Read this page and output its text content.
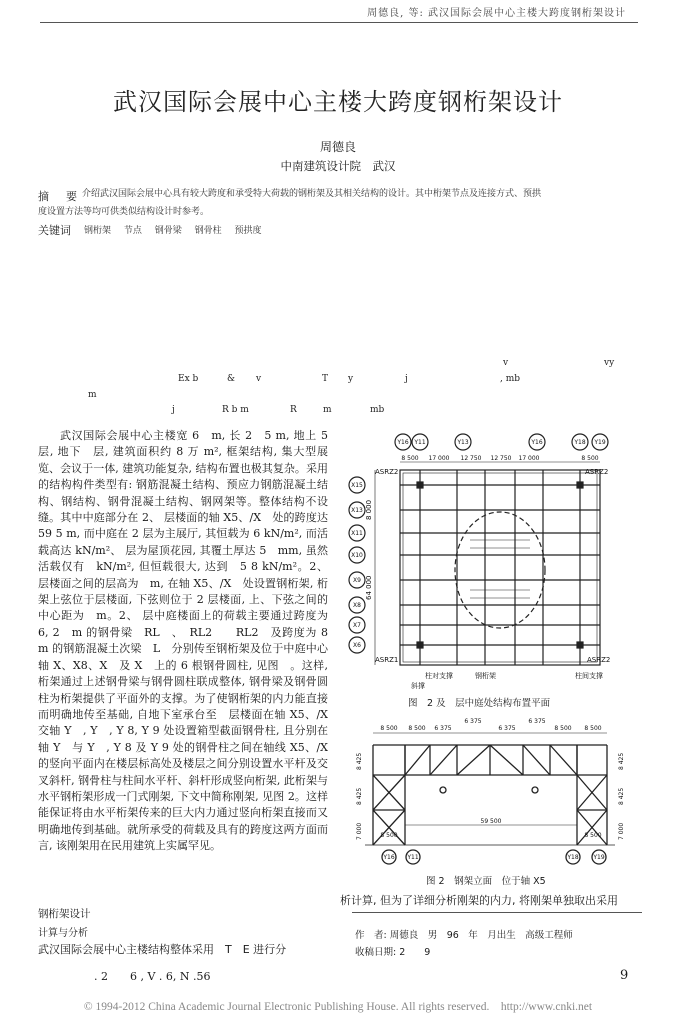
周德良, 等: 武汉国际会展中心主楼大跨度钢桁架设计
武汉国际会展中心主楼大跨度钢桁架设计
周德良
中南建筑设计院　武汉
摘　要 介绍武汉国际会展中心具有较大跨度和承受特大荷载的钢桁架及其相关结构的设计。其中桁架节点及连接方式、预拱
度设置方法等均可供类似结构设计时参考。
关键词 钢桁架 节点 钢骨梁 钢骨柱 预拱度
v	vy
Ex b	& v	T y	j	, mb
m
j	R b m	R	m	mb

武汉国际会展中心主楼宽 6　m, 长 2　5 m, 地上 5 层, 地下　层, 建筑面积约 8 万 m², 框架结构, 集大型展览、会议于一体, 建筑功能复杂, 结构布置也极其复杂。采用的结构构件类型有: 钢筋混凝土结构、预应力钢筋混凝土结构、钢结构、钢骨混凝土结构、钢网架等。整体结构不设缝。其中中庭部分在 2、 层楼面的轴 X5、/X　处的跨度达 59 5 m, 而中庭在 2 层为主展厅, 其恒载为 6 kN/m², 而活载高达 kN/m²、 层为屋顶花园, 其覆土厚达 5　mm, 虽然活载仅有　kN/m², 但恒载很大, 达到　5 8 kN/m²。2、 层楼面之间的层高为　m, 在轴 X5、/X　处设置钢桁架, 桁架上弦位于层楼面, 下弦则位于 2 层楼面, 上、下弦之间的中心距为　m。2、 层中庭楼面上的荷载主要通过跨度为　6, 2　m 的钢骨梁　RL　、　RL2　　RL2　及跨度为 8 m 的钢筋混凝土次梁　L　分别传至钢桁架及位于中庭中心轴 X、X8、X　及 X　上的 6 根钢骨圆柱, 见图　。这样, 桁架通过上述钢骨梁与钢骨圆柱联成整体, 钢骨梁及钢骨圆柱为桁架提供了平面外的支撑。为了使钢桁架的内力能直接而明确地传至基础, 自地下室承台至　层楼面在轴 X5、/X　交轴 Y　, Y　, Y 8, Y 9 处设置箱型截面钢骨柱, 且分别在轴 Y　与 Y　, Y 8 及 Y 9 处的钢骨柱之间在轴线 X5、/X　的竖向平面内在楼层标高处及楼层之间分别设置水平杆及交叉斜杆, 钢骨柱与柱间水平杆、斜杆形成竖向桁架, 此桁架与水平钢桁架形成一门式刚架, 下文中简称刚架, 见图 2。这样能保证将由水平桁架传来的巨大内力通过竖向桁架直接而又明确地传到基础。就所承受的荷载及具有的跨度这两方面而言, 该刚架用在民用建筑上实属罕见。

钢桁架设计
计算与分析
武汉国际会展中心主楼结构整体采用　T　E 进行分
. 2　　6 , V . 6, N .56
Y16 Y11	Y13	Y16	Y18 Y19
8 500 17 000 12 750 12 750 17 000	8 500
X15
X13
X11
X10
X9
X8
X7
X6
8 000
64 000
ASRZ2	ASRZ2
ASRZ1	ASRZ2
柱对支撑	钢桁架	柱间支撑
斜撑
图　2 及　层中庭处结构布置平面
8 500 8 500 6 375
6 375
6 375
6 375
8 500 8 500
59 500
8 500	8 500
Y16 Y11	Y18 Y19
8 425
8 425
7 000
8 425
8 425
7 000
图 2　钢架立面　位于轴 X5
析计算, 但为了详细分析刚架的内力, 将刚架单独取出采用
作　者: 周德良　男　96　年　月出生　高级工程师
收稿日期: 2　　9
9
© 1994-2012 China Academic Journal Electronic Publishing House. All rights reserved.　http://www.cnki.net
